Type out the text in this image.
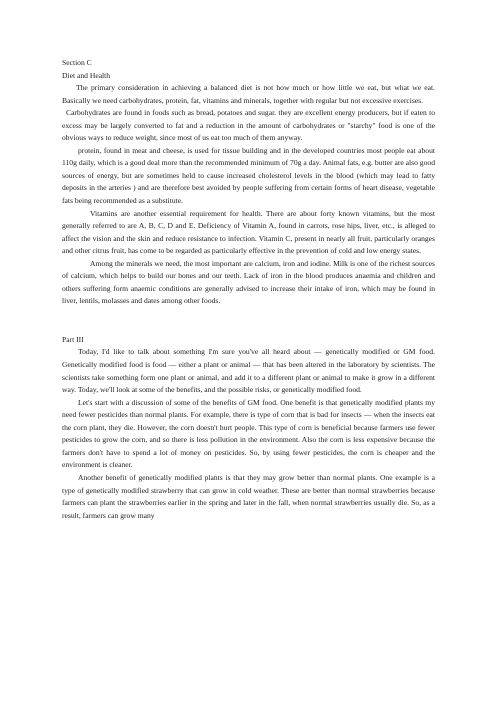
Section C

Diet and Health

The primary consideration in achieving a balanced diet is not how much or how little we eat, but what we eat. Basically we need carbohydrates, protein, fat, vitamins and minerals, together with regular but not excessive exercises.

Carbohydrates are found in foods such as bread, potatoes and sugar. they are excellent energy producers, but if eaten to excess may be largely converted to fat and a reduction in the amount of carbohydrates or "starchy" food is one of the obvious ways to reduce weight, since most of us eat too much of them anyway.

protein, found in meat and cheese, is used for tissue building and in the developed countries most people eat about 110g daily, which is a good deal more than the recommended minimum of 70g a day. Animal fats, e.g. butter are also good sources of energy, but are sometimes held to cause increased cholesterol levels in the blood (which may lead to fatty deposits in the arteries ) and are therefore best avoided by people suffering from certain forms of heart disease, vegetable fats being recommended as a substitute.

Vitamins are another essential requirement for health. There are about forty known vitamins, but the most generally referred to are A, B, C, D and E. Deficiency of Vitamin A, found in carrots, rose hips, liver, etc., is alleged to affect the vision and the skin and reduce resistance to infection. Vitamin C, present in nearly all fruit, particularly oranges and other citrus fruit, has come to be regarded as particularly effective in the prevention of cold and low energy states.

Among the minerals we need, the most important are calcium, iron and iodine. Milk is one of the richest sources of calcium, which helps to build our bones and our teeth. Lack of iron in the blood produces anaemia and children and others suffering form anaemic conditions are generally advised to increase their intake of iron, which may be found in liver, lentils, molasses and dates among other foods.

Part III

Today, I'd like to talk about something I'm sure you've all heard about — genetically modified or GM food. Genetically modified food is food — either a plant or animal — that has been altered in the laboratory by scientists. The scientists take something form one plant or animal, and add it to a different plant or animal to make it grow in a different way. Today, we'll look at some of the benefits, and the possible risks, or genetically modified food.

Let's start with a discussion of some of the benefits of GM food. One benefit is that genetically modified plants my need fewer pesticides than normal plants. For example, there is type of corn that is bad for insects — when the insects eat the corn plant, they die. However, the corn doesn't hurt people. This type of corn is beneficial because farmers use fewer pesticides to grow the corn, and so there is less pollution in the environment. Also the corn is less expensive because the farmers don't have to spend a lot of money on pesticides. So, by using fewer pesticides, the corn is cheaper and the environment is cleaner.

Another benefit of genetically modified plants is that they may grow better than normal plants. One example is a type of genetically modified strawberry that can grow in cold weather. These are better than normal strawberries because farmers can plant the strawberries earlier in the spring and later in the fall, when normal strawberries usually die. So, as a result, farmers can grow many
